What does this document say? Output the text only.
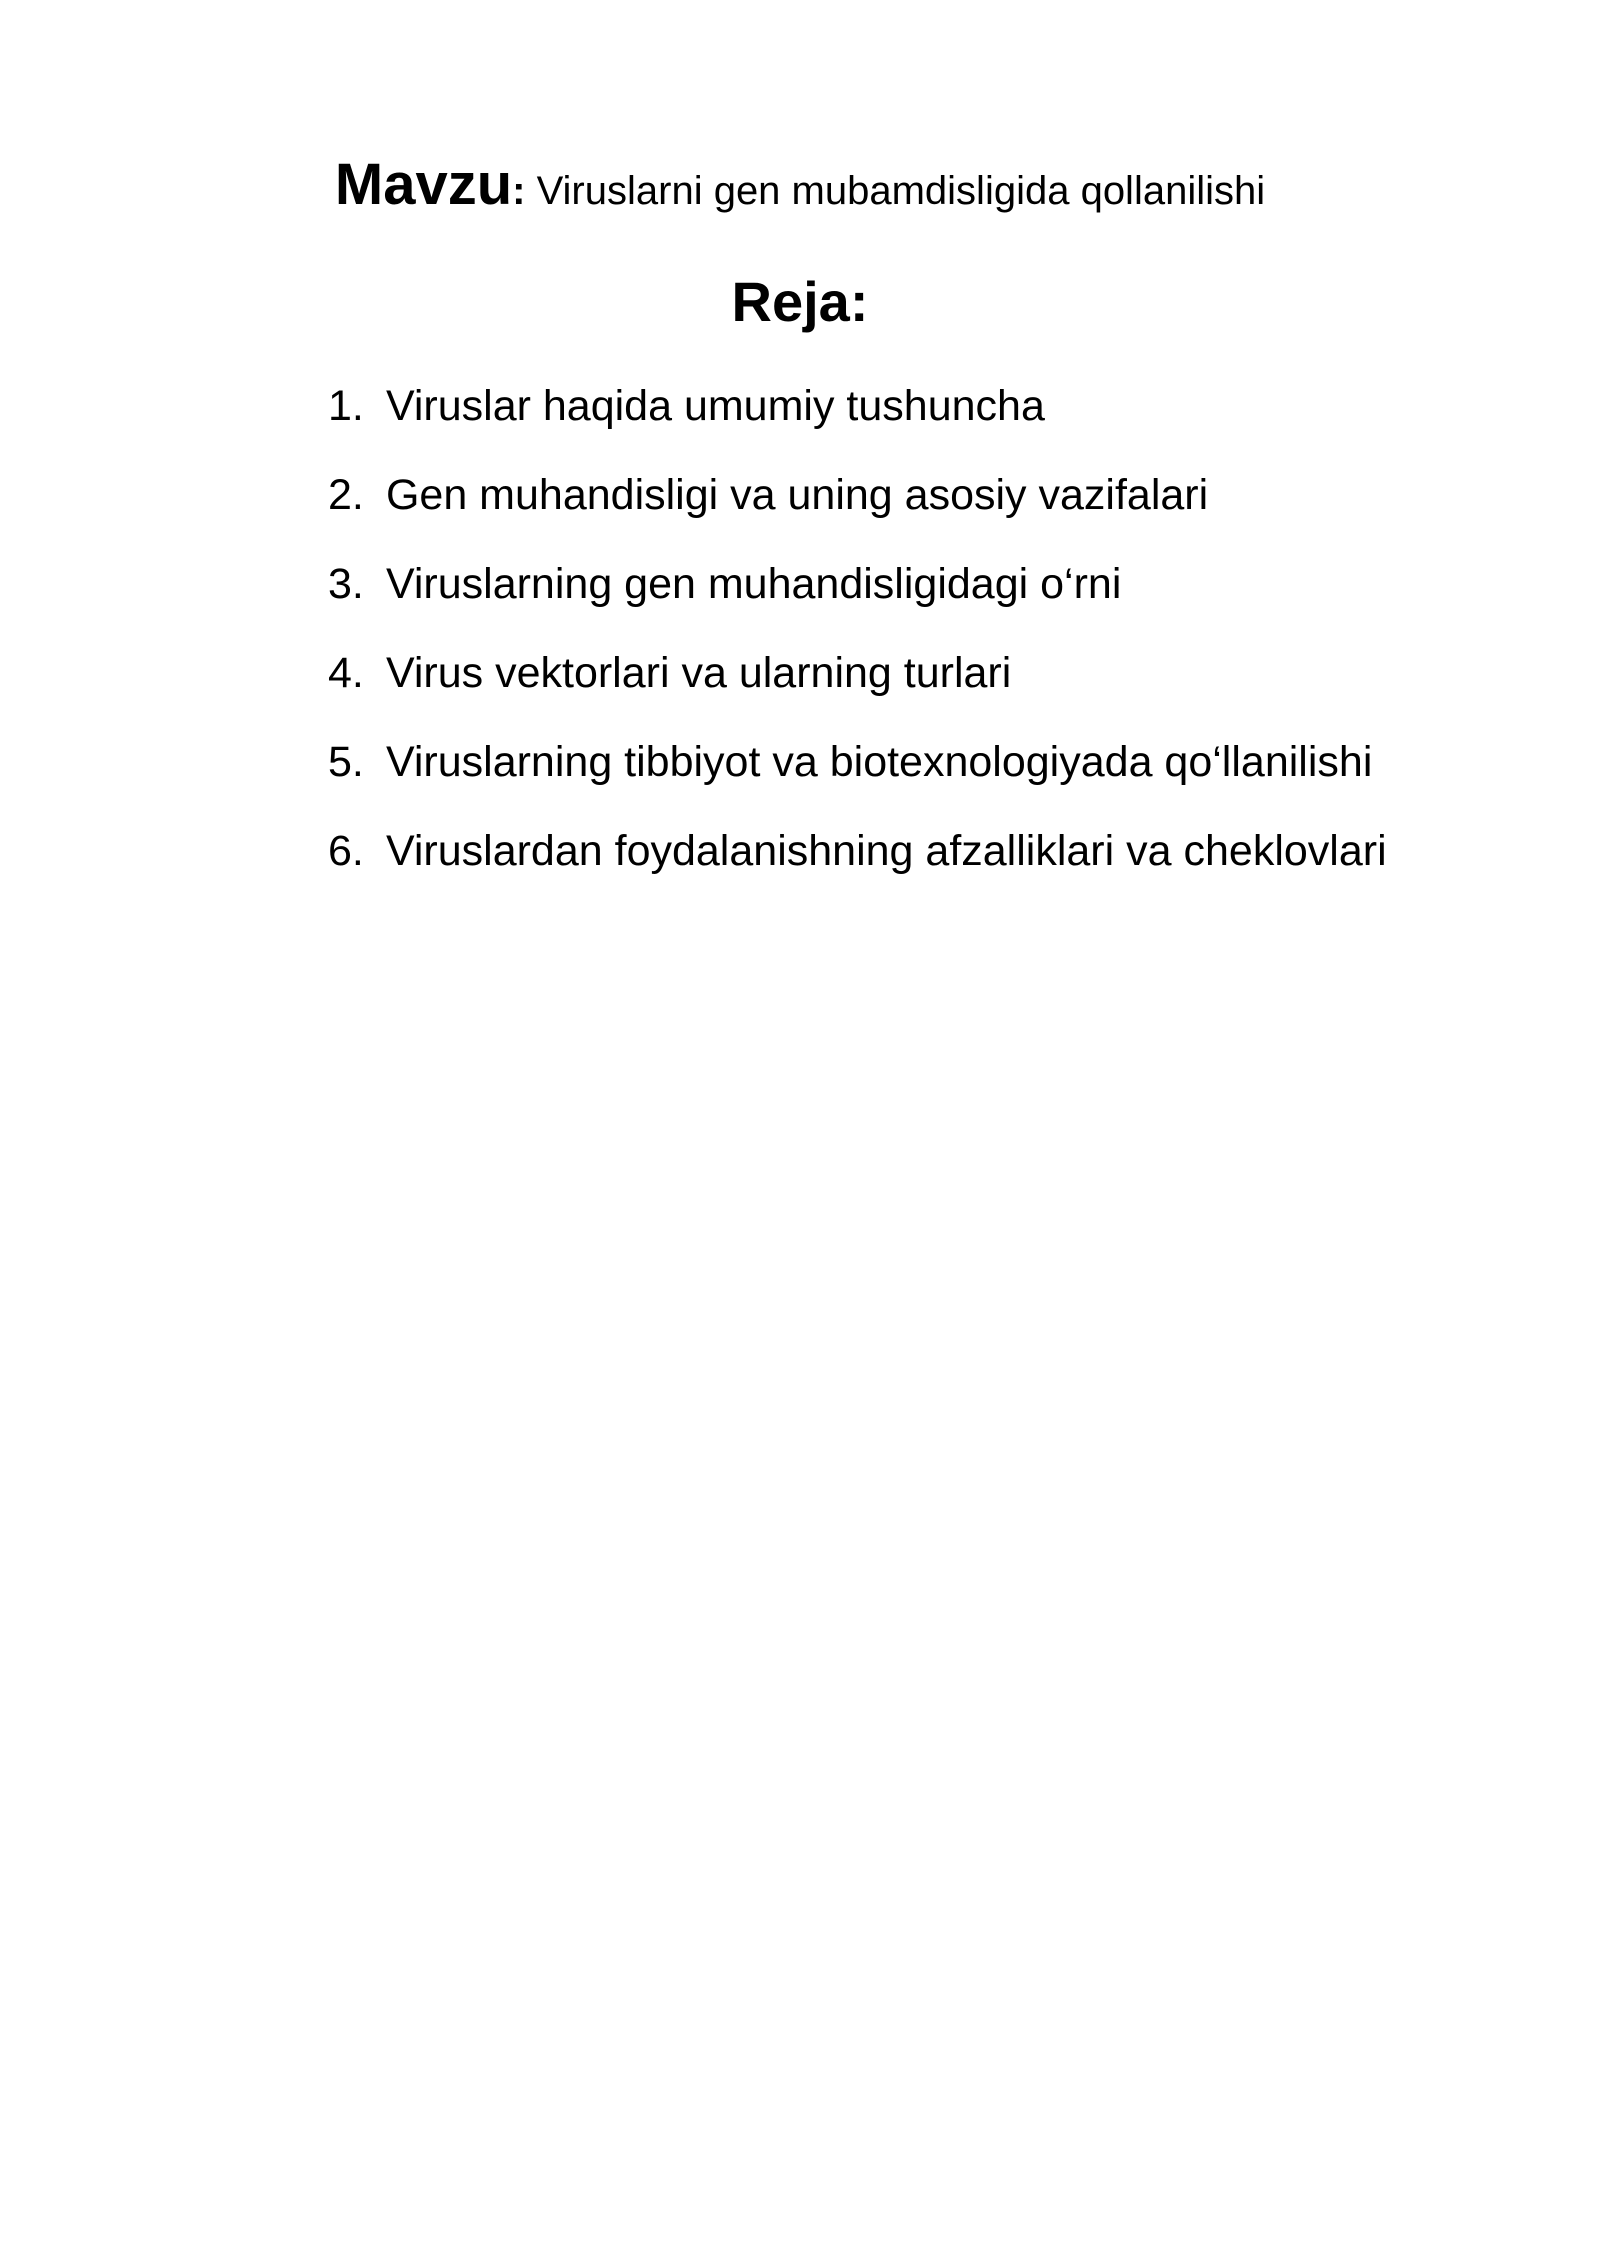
Mavzu: Viruslarni gen mubamdisligida qollanilishi
Reja:
1. Viruslar haqida umumiy tushuncha
2. Gen muhandisligi va uning asosiy vazifalari
3. Viruslarning gen muhandisligidagi o‘rni
4. Virus vektorlari va ularning turlari
5. Viruslarning tibbiyot va biotexnologiyada qo‘llanilishi
6. Viruslardan foydalanishning afzalliklari va cheklovlari
